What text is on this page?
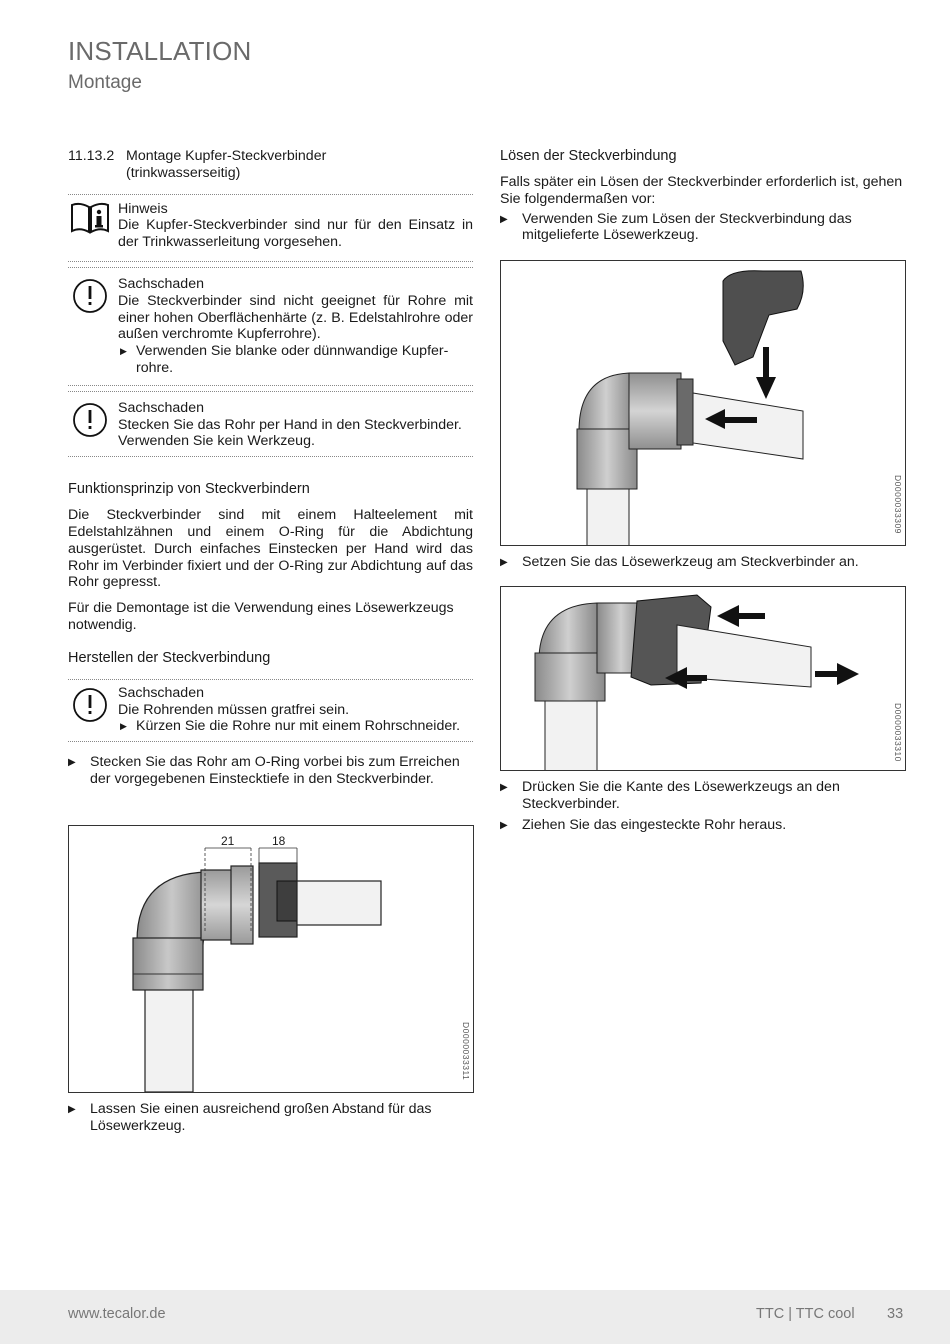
INSTALLATION
Montage
11.13.2 Montage Kupfer-Steckverbinder
(trinkwasserseitig)
Hinweis

Die Kupfer-Steckverbinder sind nur für den Einsatz in der Trinkwasserleitung vorgesehen.

Sachschaden

Die Steckverbinder sind nicht geeignet für Rohre mit einer hohen Oberflächenhärte (z. B. Edelstahlrohre oder außen verchromte Kupferrohre).

▶ Verwenden Sie blanke oder dünnwandige Kupfer-rohre.
Sachschaden

Stecken Sie das Rohr per Hand in den Steckverbinder. Verwenden Sie kein Werkzeug.

Funktionsprinzip von Steckverbindern

Die Steckverbinder sind mit einem Halteelement mit Edelstahlzähnen und einem O-Ring für die Abdichtung ausgerüstet. Durch einfaches Einstecken per Hand wird das Rohr im Verbinder fixiert und der O-Ring zur Abdichtung auf das Rohr gepresst.

Für die Demontage ist die Verwendung eines Lösewerkzeugs notwendig.

Herstellen der Steckverbindung
Sachschaden

Die Rohrenden müssen gratfrei sein.

▶ Kürzen Sie die Rohre nur mit einem Rohrschneider.
▶	Stecken Sie das Rohr am O-Ring vorbei bis zum Erreichen der vorgegebenen Einstecktiefe in den Steckverbinder.
21	18
D0000033311
▶	Lassen Sie einen ausreichend großen Abstand für das Lösewerkzeug.
Lösen der Steckverbindung

Falls später ein Lösen der Steckverbinder erforderlich ist, gehen Sie folgendermaßen vor:

▶	Verwenden Sie zum Lösen der Steckverbindung das mitgelieferte Lösewerkzeug.
D0000033309
▶	Setzen Sie das Lösewerkzeug am Steckverbinder an.
D0000033310
▶	Drücken Sie die Kante des Lösewerkzeugs an den Steckverbinder.
▶	Ziehen Sie das eingesteckte Rohr heraus.
www.tecalor.de	TTC | TTC cool 33
